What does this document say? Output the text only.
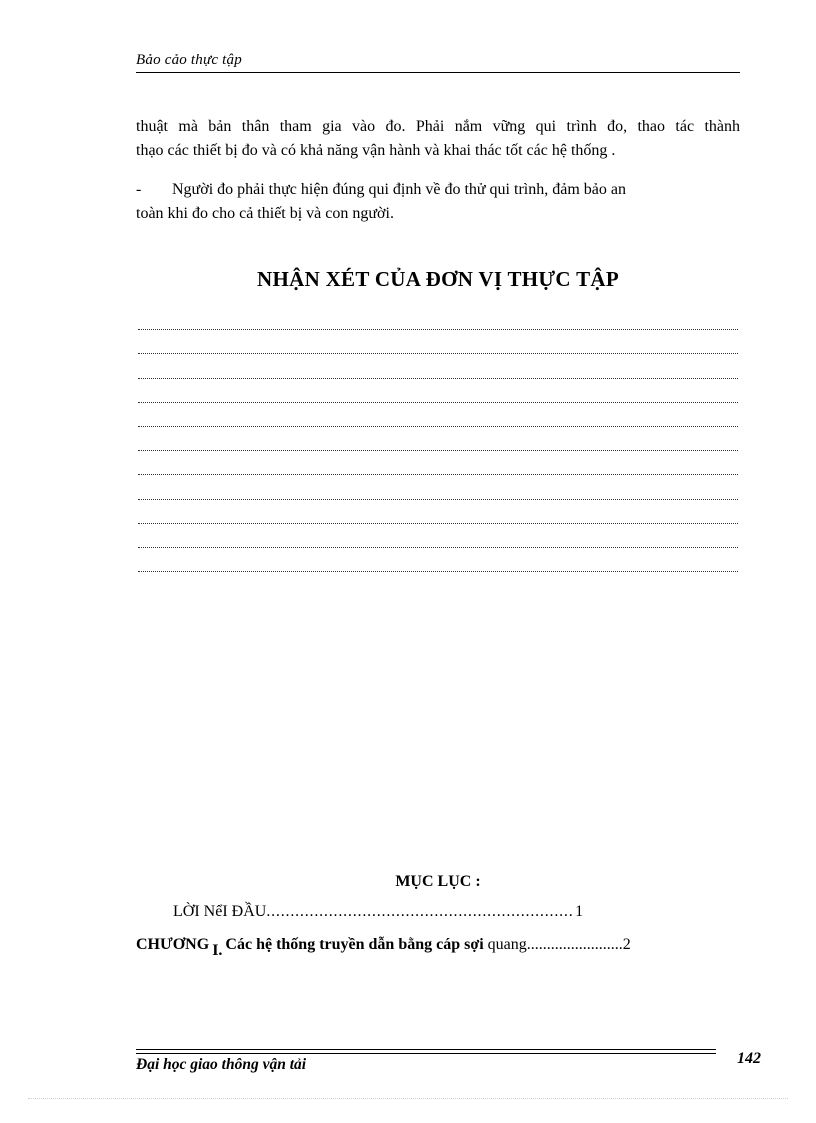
Bảo cảo thực tập
thuật mà bản thân tham gia vào đo. Phải nắm vững qui trình đo, thao tác thành
thạo các thiết bị đo và có khả năng vận hành và khai thác tốt các hệ thống .
- Người đo phải thực hiện đúng qui định về đo thử qui trình, đảm bảo an
toàn khi đo cho cả thiết bị và con người.
NHẬN XÉT CỦA ĐƠN VỊ THỰC TẬP
MỤC LỤC :
LỜI NểI ĐẦU. . . . . . . . . . . . . . . . . . . . . . . . . . . . . . . . . . . . . . . . . . . . . . . . . . . . . . . . . . . . . . . . 1
CHƯƠNG I. Các hệ thống truyền dẫn bằng cáp sợi quang........................2
Đại học giao thông vận tải	142
